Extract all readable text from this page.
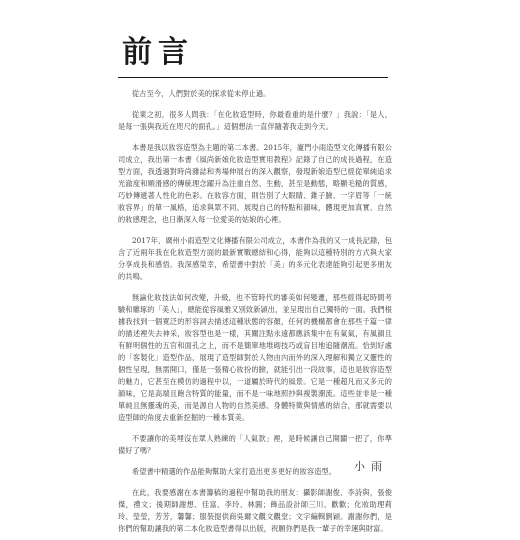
前言

從古至今，人們對於美的探求從未停止過。

從業之初，很多人問我：「在化妝造型時，你最看重的是什麼？」我說：「是人，是每一張與我近在咫尺的面孔。」這個想法一直伴隨著我走到今天。

本書是我以妝容造型為主題的第二本書。2015年，廈門小雨造型文化傳播有限公司成立，我出第一本書《風尚新娘化妝造型實用教程》記錄了自己的成長過程，在造型方面，我透過對時尚雜誌和秀場伸展台的深入觀察，發現新娘造型已經從單純追求光澈度和順滑感的傳統理念躍升為注重自然、生動，甚至是動態，略顯毛糙的質感，巧妙傳遞著人性化的色彩。在妝容方面，則告別了大眼睛、錐子臉、一字眉等「一統妝容界」的單一風格，追求與眾不同、展現自己的特點和韻味，體現更加真實、自然的妝感理念，也日漸深入每一位愛美的姑娘的心裡。

2017年，廣州小雨造型文化傳播有限公司成立，本書作為我的又一成長記錄，包含了近兩年我在化妝造型方面的最新實戰總結和心得，能夠以這種特別的方式與大家分享成長和感悟。我深感榮幸，希望書中對於「美」的多元化表達能夠引起更多朋友的共鳴。

無論化妝技法如何改變，升級，也不管時代的審美如何變遷，那些經得起時間考驗和雕琢的「美人」，總能從容風雅又別致新頴出，並呈現出自己獨特的一面。我們根據我找到一個寬泛的形容詞去描述這種狀態的容顏，任何的機構都會在那些千篇一律的描述裡失去神采，妝容型也是一樣，其關注點永遠都應該集中在有氣氣，有風韻且有鮮明個性的五官和面孔之上，而不是簡單地堆砌技巧或盲目地追隨潮流。恰到好處的「客製化」造型作品，展現了造型師對於人物由內而外的深入理解和獨立又靈性的個性呈現，無需開口，僅是一張精心妝扮的臉，就能引出一段故事，這也是妝容造型的魅力，它甚至在模仿的過程中以，一道屬於時代的風景。它是一種超凡而又多元的韻味，它是高端且飽含特質的能量，而不是一味地照抄與複製潮流。這些並非是一種單純且無靈魂的美，而是源自人物的自然美感、身體特徵與情感的結合，那就需要以造型師的角度去重新挖掘的一種本質美。

不要讓你的美埋沒在眾人熟練的「人氣款」裡，是時候讓自己開闢一把了，你準備好了嗎？

希望書中精選的作品能夠幫助大家打造出更多更好的妝容造型。

在此，我要感謝在本書籌稿的過程中幫助我的朋友：攝影師謝俊、李詩與，張俊傑，禮文；後期師謝想、佳富、李玲、林圓；飾品設計師三川、歡歡；化妝助理莉玲、瑩瑩，芳芳，馨馨；服裝提供商吳爾文觀文觀堂；文字編輯劉穎。謝謝你們，是你們的幫助讓我的第二本化妝造型書得以出版，祝願你們是我一輩子的幸運與財富。

小雨
